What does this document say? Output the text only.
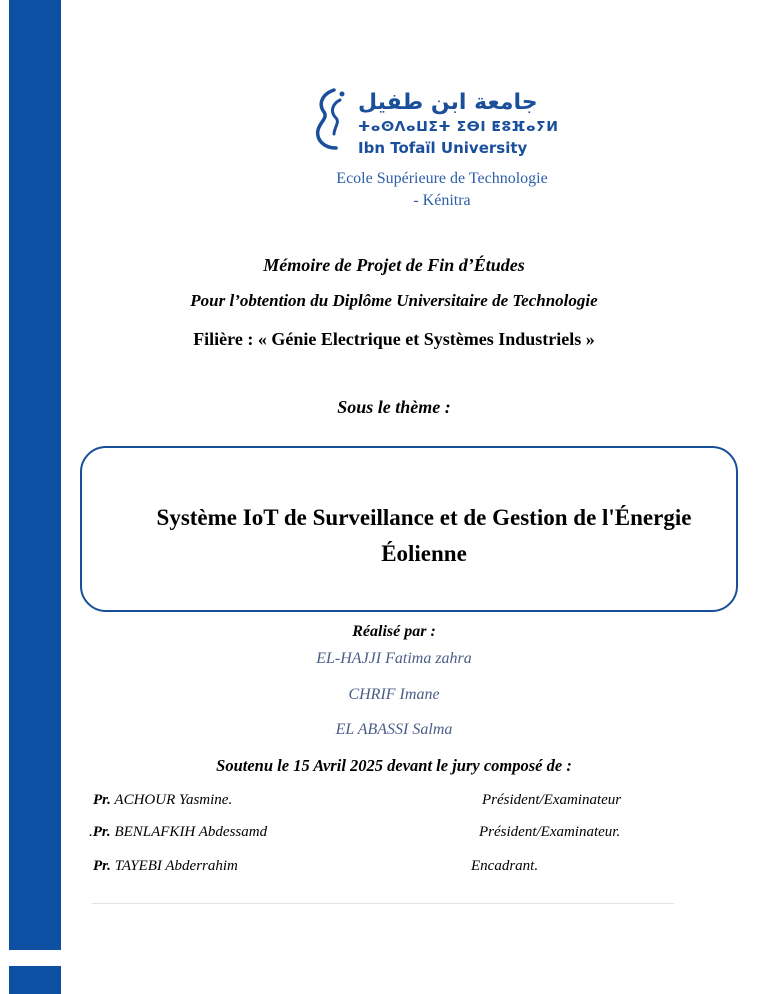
جامعة ابن طفيل
ⵜⴰⵙⴷⴰⵡⵉⵜ ⵉⴱⵏ ⵟⵓⴼⴰⵢⵍ
Ibn Tofaïl University
Ecole Supérieure de Technologie
- Kénitra
Mémoire de Projet de Fin d’Études
Pour l’obtention du Diplôme Universitaire de Technologie
Filière : « Génie Electrique et Systèmes Industriels »
Sous le thème :
Système IoT de Surveillance et de Gestion de l'Énergie
Éolienne
Réalisé par :
EL-HAJJI Fatima zahra
CHRIF Imane
EL ABASSI Salma
Soutenu le 15 Avril 2025 devant le jury composé de :
Pr. ACHOUR Yasmine.	Président/Examinateur
.Pr. BENLAFKIH Abdessamd	Président/Examinateur.
Pr. TAYEBI Abderrahim	Encadrant.
